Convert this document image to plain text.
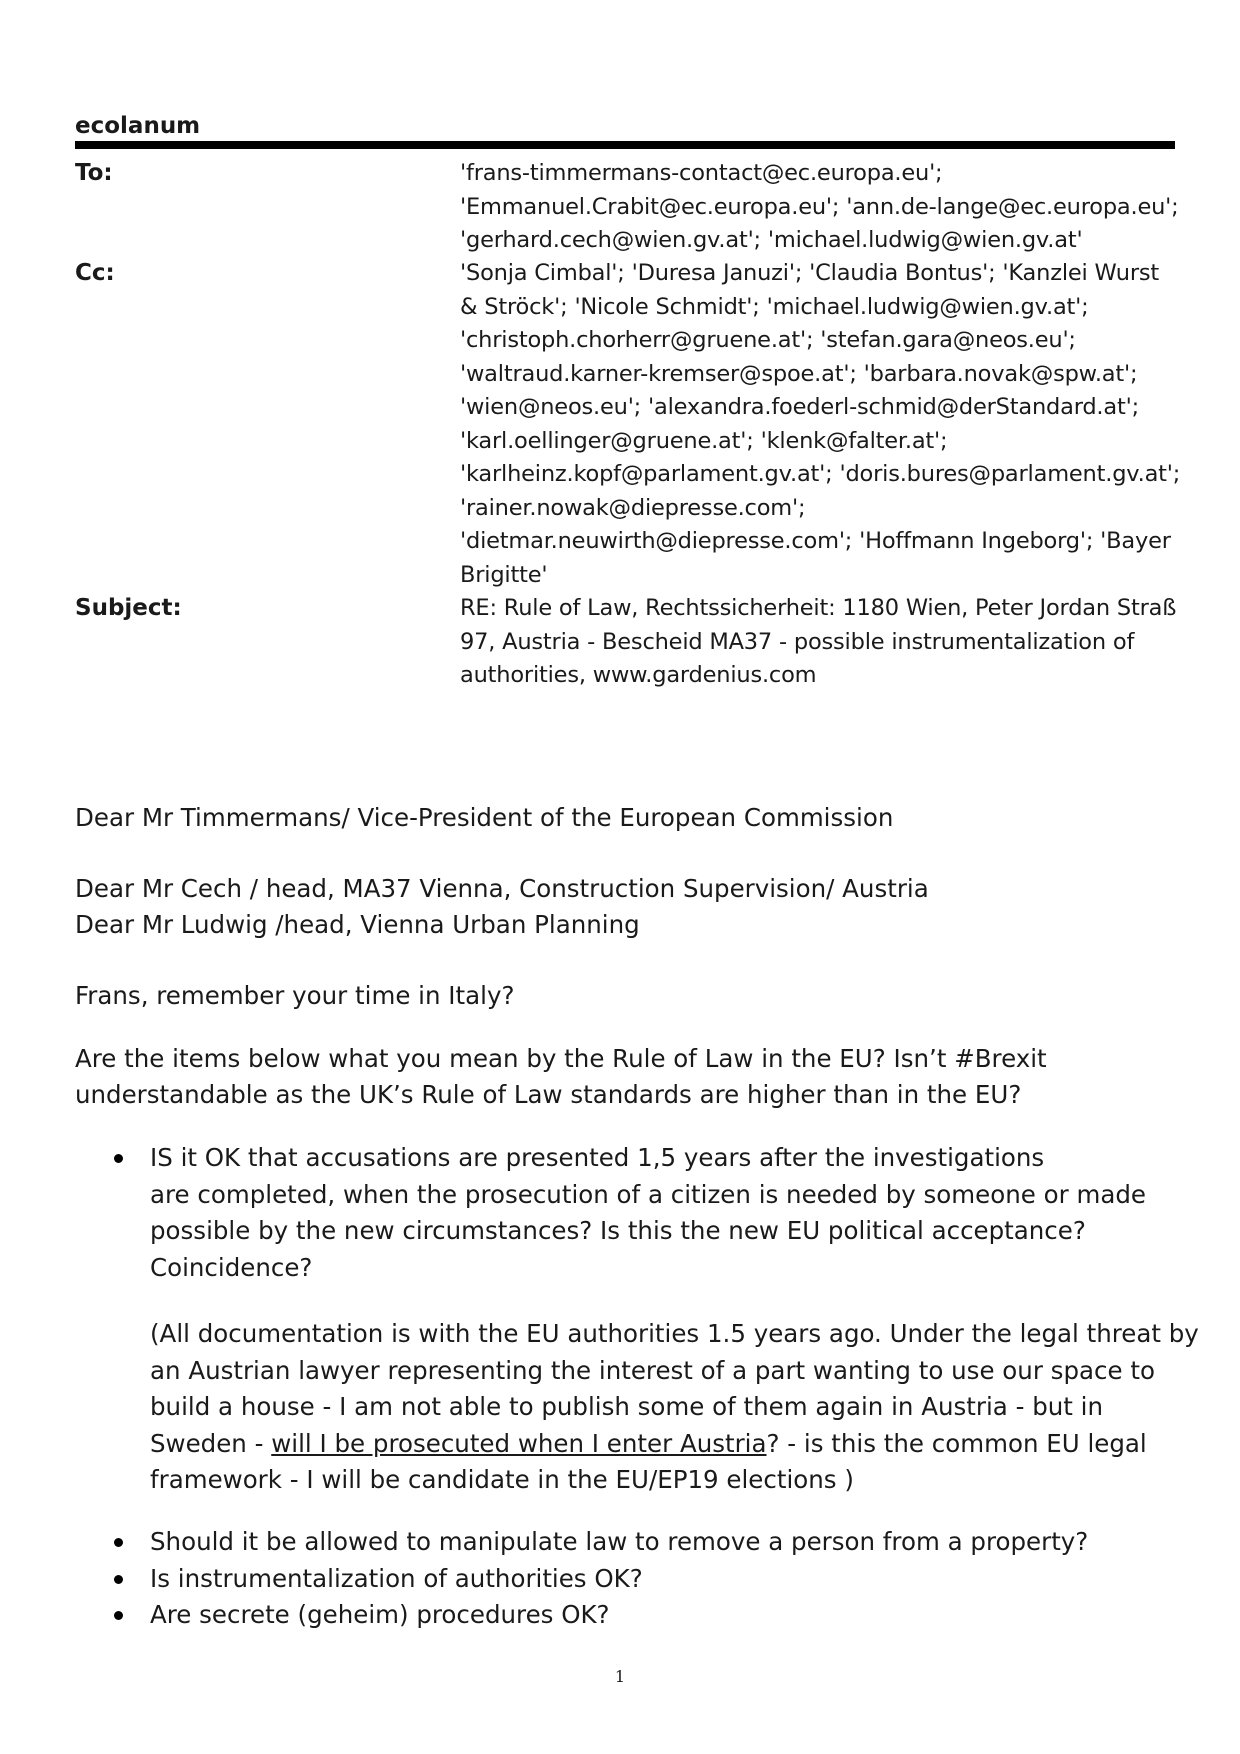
ecolanum
To:	'frans-timmermans-contact@ec.europa.eu';
'Emmanuel.Crabit@ec.europa.eu'; 'ann.de-lange@ec.europa.eu';
'gerhard.cech@wien.gv.at'; 'michael.ludwig@wien.gv.at'
Cc:	'Sonja Cimbal'; 'Duresa Januzi'; 'Claudia Bontus'; 'Kanzlei Wurst
& Ströck'; 'Nicole Schmidt'; 'michael.ludwig@wien.gv.at';
'christoph.chorherr@gruene.at'; 'stefan.gara@neos.eu';
'waltraud.karner-kremser@spoe.at'; 'barbara.novak@spw.at';
'wien@neos.eu'; 'alexandra.foederl-schmid@derStandard.at';
'karl.oellinger@gruene.at'; 'klenk@falter.at';
'karlheinz.kopf@parlament.gv.at'; 'doris.bures@parlament.gv.at';
'rainer.nowak@diepresse.com';
'dietmar.neuwirth@diepresse.com'; 'Hoffmann Ingeborg'; 'Bayer
Brigitte'
Subject:	RE: Rule of Law, Rechtssicherheit: 1180 Wien, Peter Jordan Straß
97, Austria - Bescheid MA37 - possible instrumentalization of
authorities, www.gardenius.com
Dear Mr Timmermans/ Vice-President of the European Commission
Dear Mr Cech / head, MA37 Vienna, Construction Supervision/ Austria
Dear Mr Ludwig /head, Vienna Urban Planning
Frans, remember your time in Italy?
Are the items below what you mean by the Rule of Law in the EU? Isn’t #Brexit
understandable as the UK’s Rule of Law standards are higher than in the EU?
IS it OK that accusations are presented 1,5 years after the investigations
are completed, when the prosecution of a citizen is needed by someone or made
possible by the new circumstances? Is this the new EU political acceptance?
Coincidence?
(All documentation is with the EU authorities 1.5 years ago. Under the legal threat by
an Austrian lawyer representing the interest of a part wanting to use our space to
build a house - I am not able to publish some of them again in Austria - but in
Sweden - will I be prosecuted when I enter Austria? - is this the common EU legal
framework - I will be candidate in the EU/EP19 elections )
Should it be allowed to manipulate law to remove a person from a property?
Is instrumentalization of authorities OK?
Are secrete (geheim) procedures OK?
1
